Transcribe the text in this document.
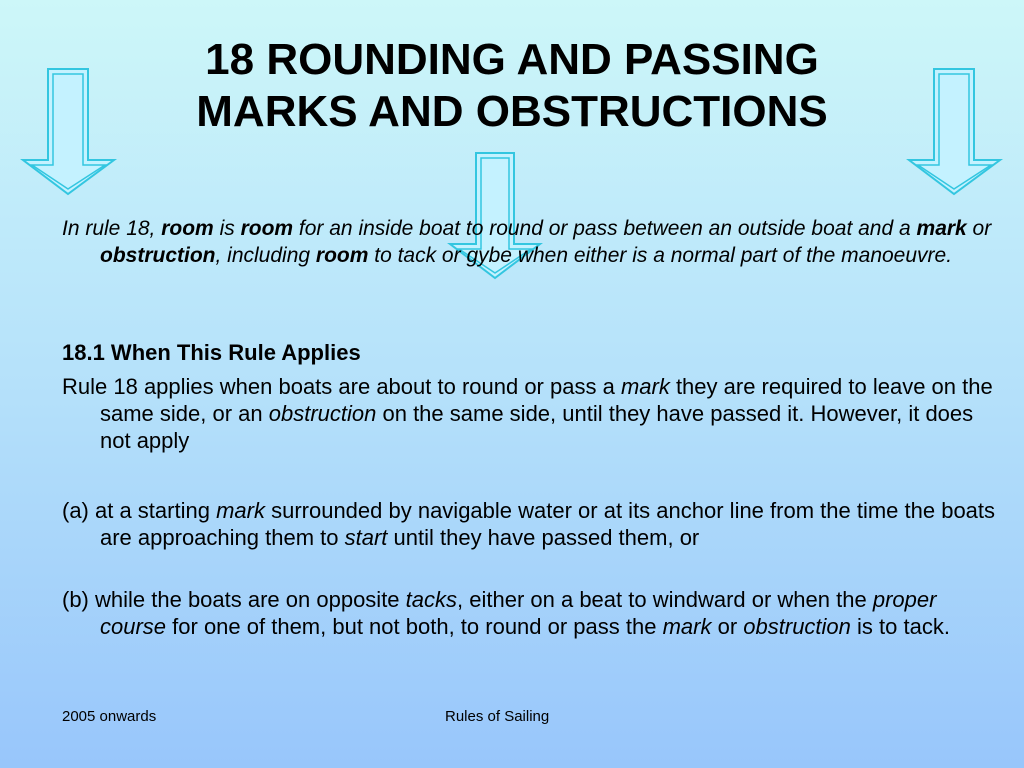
18 ROUNDING AND PASSING
MARKS AND OBSTRUCTIONS

In rule 18, room is room for an inside boat to round or pass between an outside boat and a mark or obstruction, including room to tack or gybe when either is a normal part of the manoeuvre.

18.1 When This Rule Applies

Rule 18 applies when boats are about to round or pass a mark they are required to leave on the same side, or an obstruction on the same side, until they have passed it. However, it does not apply

(a) at a starting mark surrounded by navigable water or at its anchor line from the time the boats are approaching them to start until they have passed them, or

(b) while the boats are on opposite tacks, either on a beat to windward or when the proper course for one of them, but not both, to round or pass the mark or obstruction is to tack.

2005 onwards	Rules of Sailing
